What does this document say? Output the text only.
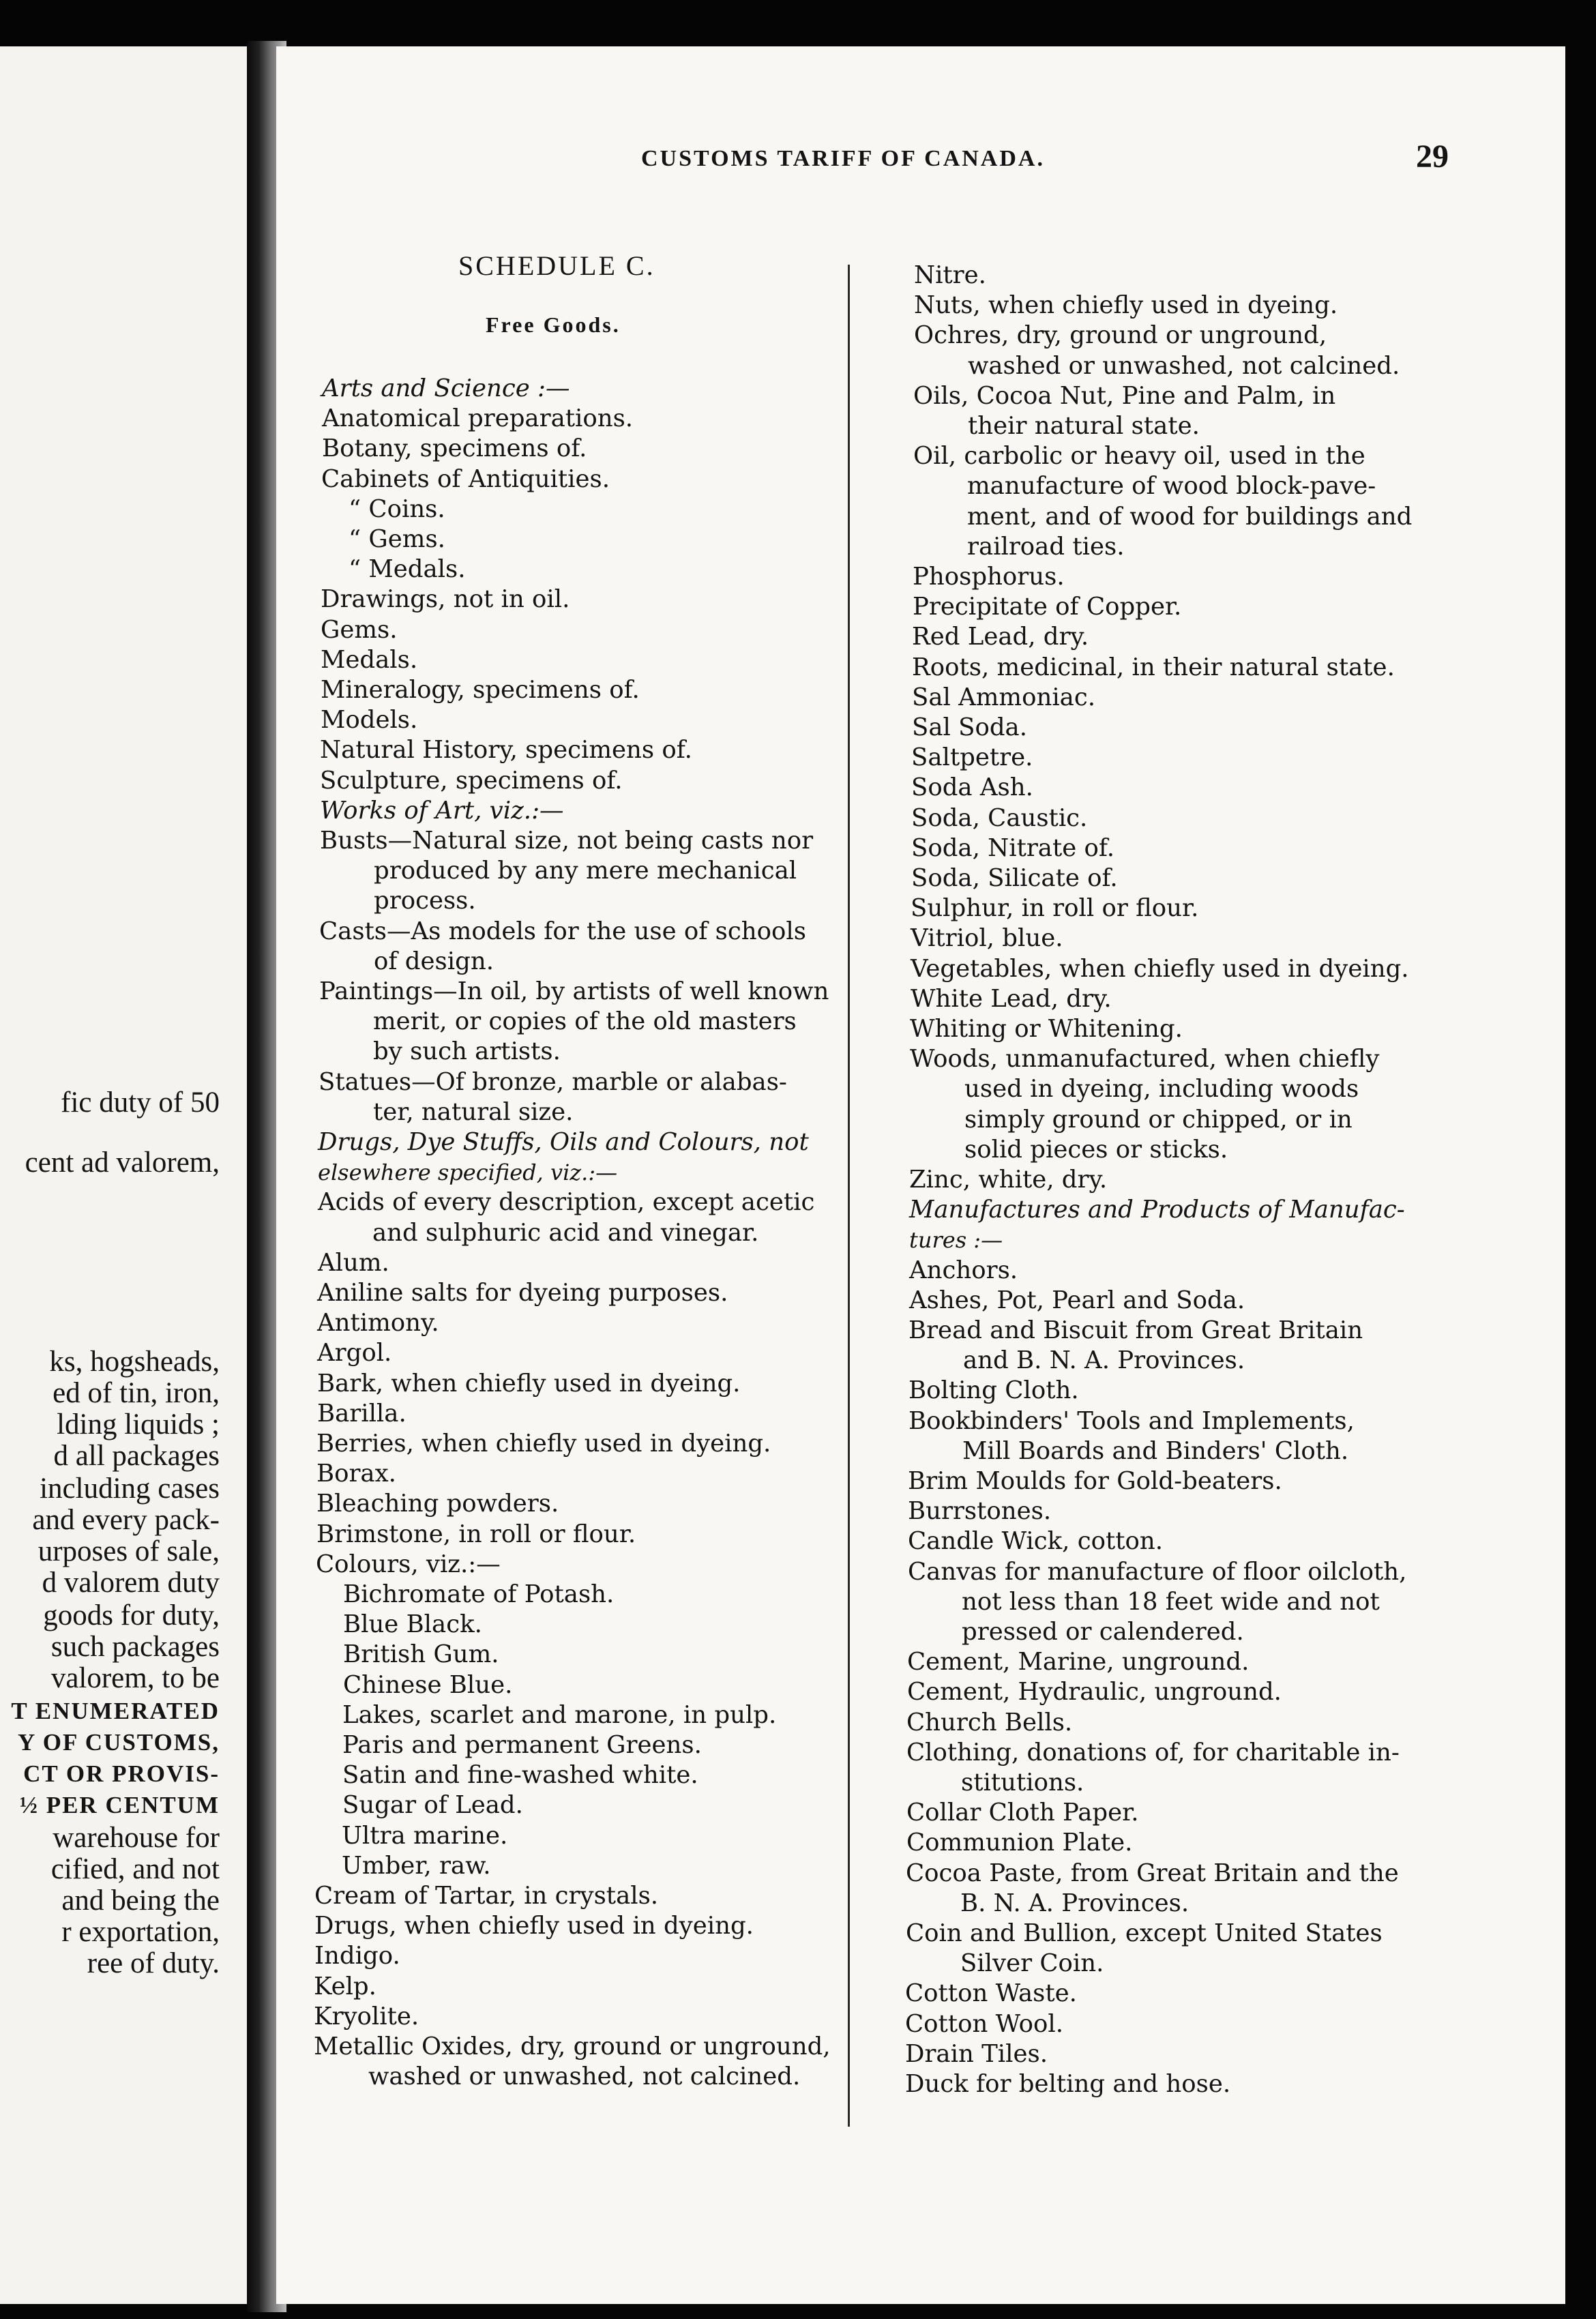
fic duty of 50
cent ad valorem,
ks, hogsheads,
ed of tin, iron,
lding liquids ;
d all packages
including cases
and every pack-
urposes of sale,
d valorem duty
goods for duty,
such packages
valorem, to be
T ENUMERATED
Y OF CUSTOMS,
CT OR PROVIS-
½ PER CENTUM
warehouse for
cified, and not
and being the
r exportation,
ree of duty.
CUSTOMS TARIFF OF CANADA.	29
SCHEDULE C.
Free Goods.
Arts and Science :—
Anatomical preparations.
Botany, specimens of.
Cabinets of Antiquities.
“ Coins.
“ Gems.
“ Medals.
Drawings, not in oil.
Gems.
Medals.
Mineralogy, specimens of.
Models.
Natural History, specimens of.
Sculpture, specimens of.
Works of Art, viz.:—
Busts—Natural size, not being casts nor
produced by any mere mechanical
process.
Casts—As models for the use of schools
of design.
Paintings—In oil, by artists of well known
merit, or copies of the old masters
by such artists.
Statues—Of bronze, marble or alabas-
ter, natural size.
Drugs, Dye Stuffs, Oils and Colours, not
elsewhere specified, viz.:—
Acids of every description, except acetic
and sulphuric acid and vinegar.
Alum.
Aniline salts for dyeing purposes.
Antimony.
Argol.
Bark, when chiefly used in dyeing.
Barilla.
Berries, when chiefly used in dyeing.
Borax.
Bleaching powders.
Brimstone, in roll or flour.
Colours, viz.:—
Bichromate of Potash.
Blue Black.
British Gum.
Chinese Blue.
Lakes, scarlet and marone, in pulp.
Paris and permanent Greens.
Satin and fine-washed white.
Sugar of Lead.
Ultra marine.
Umber, raw.
Cream of Tartar, in crystals.
Drugs, when chiefly used in dyeing.
Indigo.
Kelp.
Kryolite.
Metallic Oxides, dry, ground or unground,
washed or unwashed, not calcined.
Nitre.
Nuts, when chiefly used in dyeing.
Ochres, dry, ground or unground,
washed or unwashed, not calcined.
Oils, Cocoa Nut, Pine and Palm, in
their natural state.
Oil, carbolic or heavy oil, used in the
manufacture of wood block-pave-
ment, and of wood for buildings and
railroad ties.
Phosphorus.
Precipitate of Copper.
Red Lead, dry.
Roots, medicinal, in their natural state.
Sal Ammoniac.
Sal Soda.
Saltpetre.
Soda Ash.
Soda, Caustic.
Soda, Nitrate of.
Soda, Silicate of.
Sulphur, in roll or flour.
Vitriol, blue.
Vegetables, when chiefly used in dyeing.
White Lead, dry.
Whiting or Whitening.
Woods, unmanufactured, when chiefly
used in dyeing, including woods
simply ground or chipped, or in
solid pieces or sticks.
Zinc, white, dry.
Manufactures and Products of Manufac-
tures :—
Anchors.
Ashes, Pot, Pearl and Soda.
Bread and Biscuit from Great Britain
and B. N. A. Provinces.
Bolting Cloth.
Bookbinders' Tools and Implements,
Mill Boards and Binders' Cloth.
Brim Moulds for Gold-beaters.
Burrstones.
Candle Wick, cotton.
Canvas for manufacture of floor oilcloth,
not less than 18 feet wide and not
pressed or calendered.
Cement, Marine, unground.
Cement, Hydraulic, unground.
Church Bells.
Clothing, donations of, for charitable in-
stitutions.
Collar Cloth Paper.
Communion Plate.
Cocoa Paste, from Great Britain and the
B. N. A. Provinces.
Coin and Bullion, except United States
Silver Coin.
Cotton Waste.
Cotton Wool.
Drain Tiles.
Duck for belting and hose.
